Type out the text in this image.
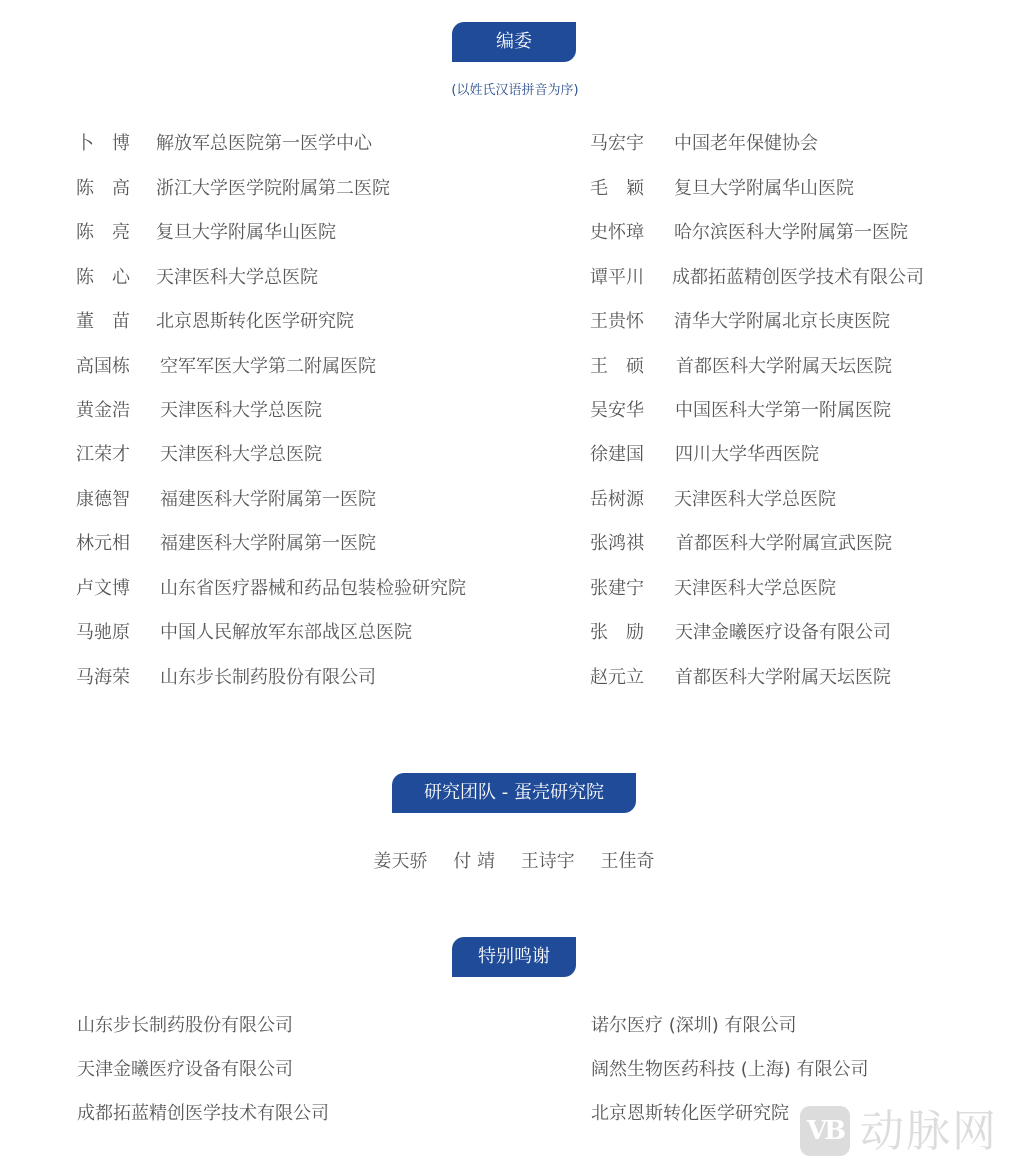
编委
(以姓氏汉语拼音为序)
卜　博 解放军总医院第一医学中心
陈　高 浙江大学医学院附属第二医院
陈　亮 复旦大学附属华山医院
陈　心 天津医科大学总医院
董　苗 北京恩斯转化医学研究院
高国栋 空军军医大学第二附属医院
黄金浩 天津医科大学总医院
江荣才 天津医科大学总医院
康德智 福建医科大学附属第一医院
林元相 福建医科大学附属第一医院
卢文博 山东省医疗器械和药品包装检验研究院
马驰原 中国人民解放军东部战区总医院
马海荣 山东步长制药股份有限公司
马宏宇 中国老年保健协会
毛　颖 复旦大学附属华山医院
史怀璋 哈尔滨医科大学附属第一医院
谭平川 成都拓蓝精创医学技术有限公司
王贵怀 清华大学附属北京长庚医院
王　硕 首都医科大学附属天坛医院
吴安华 中国医科大学第一附属医院
徐建国 四川大学华西医院
岳树源 天津医科大学总医院
张鸿祺 首都医科大学附属宣武医院
张建宁 天津医科大学总医院
张　励 天津金曦医疗设备有限公司
赵元立 首都医科大学附属天坛医院
研究团队 - 蛋壳研究院
姜天骄 付 靖 王诗宇 王佳奇
特别鸣谢
山东步长制药股份有限公司
天津金曦医疗设备有限公司
成都拓蓝精创医学技术有限公司
诺尔医疗 (深圳) 有限公司
阔然生物医药科技 (上海) 有限公司
北京恩斯转化医学研究院
VB 动脉网
